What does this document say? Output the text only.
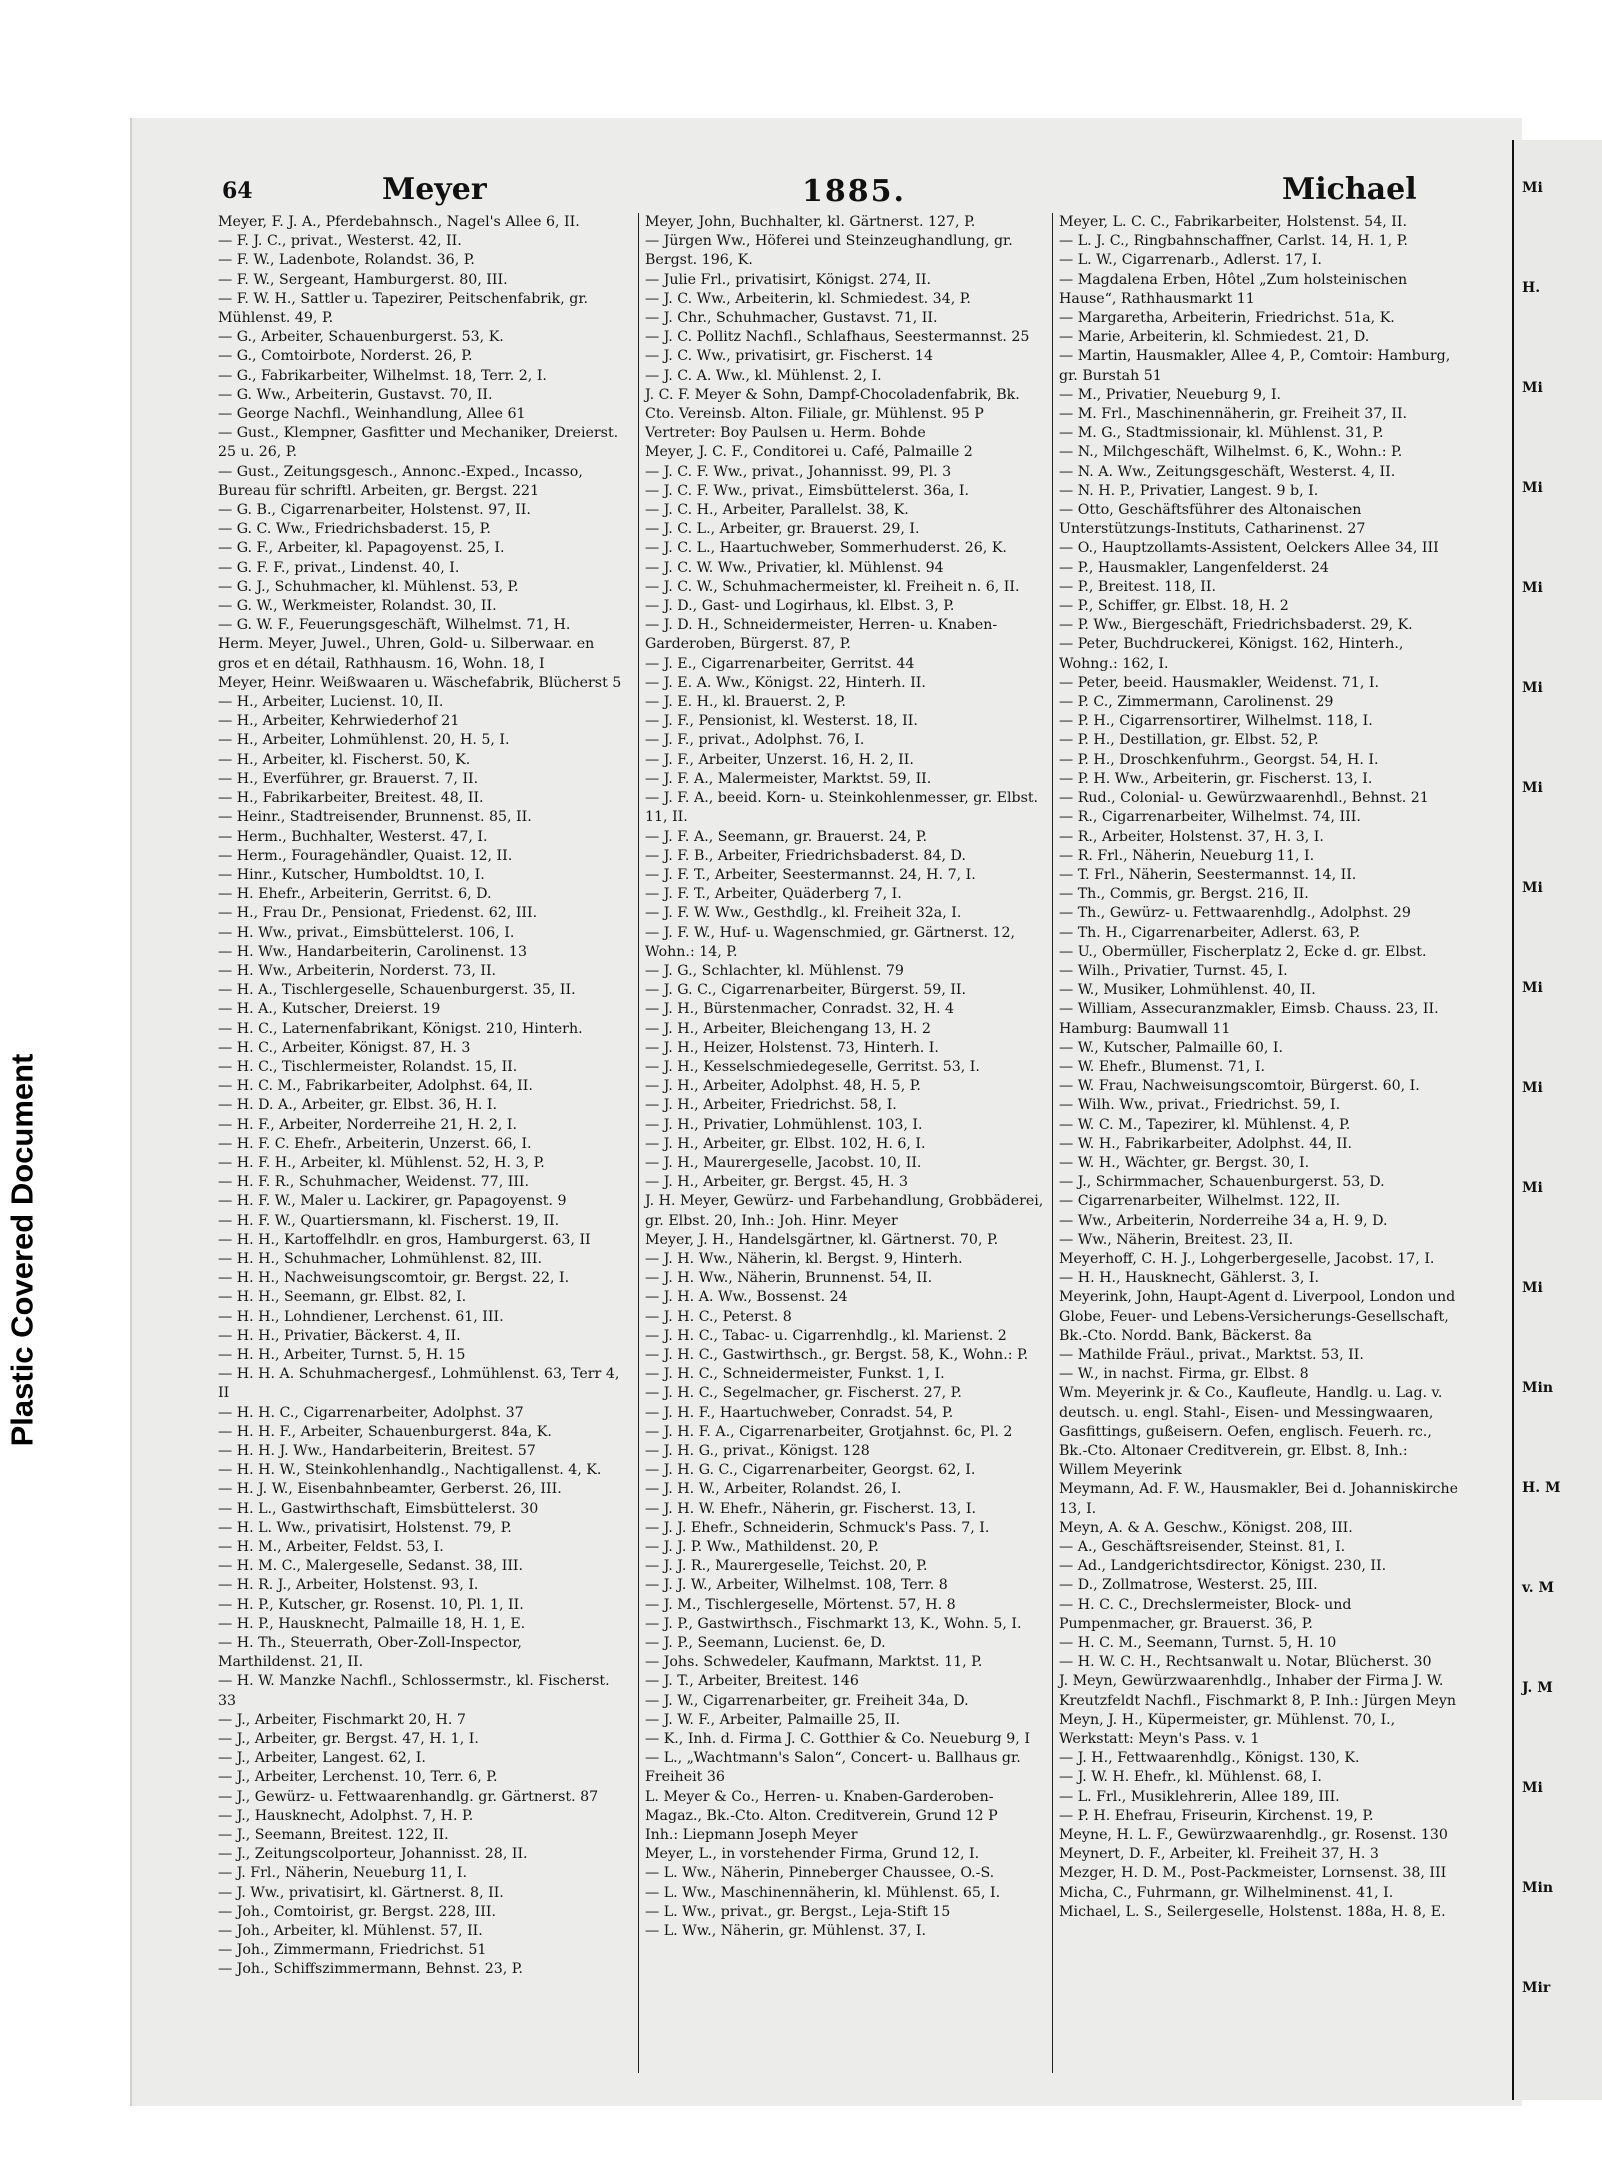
Plastic Covered Document
64	Meyer	1885.	Michael
Meyer, F. J. A., Pferdebahnsch., Nagel's Allee 6, II.
— F. J. C., privat., Westerst. 42, II.
— F. W., Ladenbote, Rolandst. 36, P.
— F. W., Sergeant, Hamburgerst. 80, III.
— F. W. H., Sattler u. Tapezirer, Peitschenfabrik, gr. Mühlenst. 49, P.
— G., Arbeiter, Schauenburgerst. 53, K.
— G., Comtoirbote, Norderst. 26, P.
— G., Fabrikarbeiter, Wilhelmst. 18, Terr. 2, I.
— G. Ww., Arbeiterin, Gustavst. 70, II.
— George Nachfl., Weinhandlung, Allee 61
— Gust., Klempner, Gasfitter und Mechaniker, Dreierst. 25 u. 26, P.
— Gust., Zeitungsgesch., Annonc.-Exped., Incasso, Bureau für schriftl. Arbeiten, gr. Bergst. 221
— G. B., Cigarrenarbeiter, Holstenst. 97, II.
— G. C. Ww., Friedrichsbaderst. 15, P.
— G. F., Arbeiter, kl. Papagoyenst. 25, I.
— G. F. F., privat., Lindenst. 40, I.
— G. J., Schuhmacher, kl. Mühlenst. 53, P.
— G. W., Werkmeister, Rolandst. 30, II.
— G. W. F., Feuerungsgeschäft, Wilhelmst. 71, H.
Herm. Meyer, Juwel., Uhren, Gold- u. Silberwaar. en gros et en détail, Rathhausm. 16, Wohn. 18, I
Meyer, Heinr. Weißwaaren u. Wäschefabrik, Blücherst 5
— H., Arbeiter, Lucienst. 10, II.
— H., Arbeiter, Kehrwiederhof 21
— H., Arbeiter, Lohmühlenst. 20, H. 5, I.
— H., Arbeiter, kl. Fischerst. 50, K.
— H., Everführer, gr. Brauerst. 7, II.
— H., Fabrikarbeiter, Breitest. 48, II.
— Heinr., Stadtreisender, Brunnenst. 85, II.
— Herm., Buchhalter, Westerst. 47, I.
— Herm., Fouragehändler, Quaist. 12, II.
— Hinr., Kutscher, Humboldtst. 10, I.
— H. Ehefr., Arbeiterin, Gerritst. 6, D.
— H., Frau Dr., Pensionat, Friedenst. 62, III.
— H. Ww., privat., Eimsbüttelerst. 106, I.
— H. Ww., Handarbeiterin, Carolinenst. 13
— H. Ww., Arbeiterin, Norderst. 73, II.
— H. A., Tischlergeselle, Schauenburgerst. 35, II.
— H. A., Kutscher, Dreierst. 19
— H. C., Laternenfabrikant, Königst. 210, Hinterh.
— H. C., Arbeiter, Königst. 87, H. 3
— H. C., Tischlermeister, Rolandst. 15, II.
— H. C. M., Fabrikarbeiter, Adolphst. 64, II.
— H. D. A., Arbeiter, gr. Elbst. 36, H. I.
— H. F., Arbeiter, Norderreihe 21, H. 2, I.
— H. F. C. Ehefr., Arbeiterin, Unzerst. 66, I.
— H. F. H., Arbeiter, kl. Mühlenst. 52, H. 3, P.
— H. F. R., Schuhmacher, Weidenst. 77, III.
— H. F. W., Maler u. Lackirer, gr. Papagoyenst. 9
— H. F. W., Quartiersmann, kl. Fischerst. 19, II.
— H. H., Kartoffelhdlr. en gros, Hamburgerst. 63, II
— H. H., Schuhmacher, Lohmühlenst. 82, III.
— H. H., Nachweisungscomtoir, gr. Bergst. 22, I.
— H. H., Seemann, gr. Elbst. 82, I.
— H. H., Lohndiener, Lerchenst. 61, III.
— H. H., Privatier, Bäckerst. 4, II.
— H. H., Arbeiter, Turnst. 5, H. 15
— H. H. A. Schuhmachergesf., Lohmühlenst. 63, Terr 4, II
— H. H. C., Cigarrenarbeiter, Adolphst. 37
— H. H. F., Arbeiter, Schauenburgerst. 84a, K.
— H. H. J. Ww., Handarbeiterin, Breitest. 57
— H. H. W., Steinkohlenhandlg., Nachtigallenst. 4, K.
— H. J. W., Eisenbahnbeamter, Gerberst. 26, III.
— H. L., Gastwirthschaft, Eimsbüttelerst. 30
— H. L. Ww., privatisirt, Holstenst. 79, P.
— H. M., Arbeiter, Feldst. 53, I.
— H. M. C., Malergeselle, Sedanst. 38, III.
— H. R. J., Arbeiter, Holstenst. 93, I.
— H. P., Kutscher, gr. Rosenst. 10, Pl. 1, II.
— H. P., Hausknecht, Palmaille 18, H. 1, E.
— H. Th., Steuerrath, Ober-Zoll-Inspector, Marthildenst. 21, II.
— H. W. Manzke Nachfl., Schlossermstr., kl. Fischerst. 33
— J., Arbeiter, Fischmarkt 20, H. 7
— J., Arbeiter, gr. Bergst. 47, H. 1, I.
— J., Arbeiter, Langest. 62, I.
— J., Arbeiter, Lerchenst. 10, Terr. 6, P.
— J., Gewürz- u. Fettwaarenhandlg. gr. Gärtnerst. 87
— J., Hausknecht, Adolphst. 7, H. P.
— J., Seemann, Breitest. 122, II.
— J., Zeitungscolporteur, Johannisst. 28, II.
— J. Frl., Näherin, Neueburg 11, I.
— J. Ww., privatisirt, kl. Gärtnerst. 8, II.
— Joh., Comtoirist, gr. Bergst. 228, III.
— Joh., Arbeiter, kl. Mühlenst. 57, II.
— Joh., Zimmermann, Friedrichst. 51
— Joh., Schiffszimmermann, Behnst. 23, P.
Meyer, John, Buchhalter, kl. Gärtnerst. 127, P.
— Jürgen Ww., Höferei und Steinzeughandlung, gr. Bergst. 196, K.
— Julie Frl., privatisirt, Königst. 274, II.
— J. C. Ww., Arbeiterin, kl. Schmiedest. 34, P.
— J. Chr., Schuhmacher, Gustavst. 71, II.
— J. C. Pollitz Nachfl., Schlafhaus, Seestermannst. 25
— J. C. Ww., privatisirt, gr. Fischerst. 14
— J. C. A. Ww., kl. Mühlenst. 2, I.
J. C. F. Meyer & Sohn, Dampf-Chocoladenfabrik, Bk. Cto. Vereinsb. Alton. Filiale, gr. Mühlenst. 95 P
Vertreter: Boy Paulsen u. Herm. Bohde
Meyer, J. C. F., Conditorei u. Café, Palmaille 2
— J. C. F. Ww., privat., Johannisst. 99, Pl. 3
— J. C. F. Ww., privat., Eimsbüttelerst. 36a, I.
— J. C. H., Arbeiter, Parallelst. 38, K.
— J. C. L., Arbeiter, gr. Brauerst. 29, I.
— J. C. L., Haartuchweber, Sommerhuderst. 26, K.
— J. C. W. Ww., Privatier, kl. Mühlenst. 94
— J. C. W., Schuhmachermeister, kl. Freiheit n. 6, II.
— J. D., Gast- und Logirhaus, kl. Elbst. 3, P.
— J. D. H., Schneidermeister, Herren- u. Knaben-Garderoben, Bürgerst. 87, P.
— J. E., Cigarrenarbeiter, Gerritst. 44
— J. E. A. Ww., Königst. 22, Hinterh. II.
— J. E. H., kl. Brauerst. 2, P.
— J. F., Pensionist, kl. Westerst. 18, II.
— J. F., privat., Adolphst. 76, I.
— J. F., Arbeiter, Unzerst. 16, H. 2, II.
— J. F. A., Malermeister, Marktst. 59, II.
— J. F. A., beeid. Korn- u. Steinkohlenmesser, gr. Elbst. 11, II.
— J. F. A., Seemann, gr. Brauerst. 24, P.
— J. F. B., Arbeiter, Friedrichsbaderst. 84, D.
— J. F. T., Arbeiter, Seestermannst. 24, H. 7, I.
— J. F. T., Arbeiter, Quäderberg 7, I.
— J. F. W. Ww., Gesthdlg., kl. Freiheit 32a, I.
— J. F. W., Huf- u. Wagenschmied, gr. Gärtnerst. 12, Wohn.: 14, P.
— J. G., Schlachter, kl. Mühlenst. 79
— J. G. C., Cigarrenarbeiter, Bürgerst. 59, II.
— J. H., Bürstenmacher, Conradst. 32, H. 4
— J. H., Arbeiter, Bleichengang 13, H. 2
— J. H., Heizer, Holstenst. 73, Hinterh. I.
— J. H., Kesselschmiedegeselle, Gerritst. 53, I.
— J. H., Arbeiter, Adolphst. 48, H. 5, P.
— J. H., Arbeiter, Friedrichst. 58, I.
— J. H., Privatier, Lohmühlenst. 103, I.
— J. H., Arbeiter, gr. Elbst. 102, H. 6, I.
— J. H., Maurergeselle, Jacobst. 10, II.
— J. H., Arbeiter, gr. Bergst. 45, H. 3
J. H. Meyer, Gewürz- und Farbehandlung, Grobbäderei, gr. Elbst. 20, Inh.: Joh. Hinr. Meyer
Meyer, J. H., Handelsgärtner, kl. Gärtnerst. 70, P.
— J. H. Ww., Näherin, kl. Bergst. 9, Hinterh.
— J. H. Ww., Näherin, Brunnenst. 54, II.
— J. H. A. Ww., Bossenst. 24
— J. H. C., Peterst. 8
— J. H. C., Tabac- u. Cigarrenhdlg., kl. Marienst. 2
— J. H. C., Gastwirthsch., gr. Bergst. 58, K., Wohn.: P.
— J. H. C., Schneidermeister, Funkst. 1, I.
— J. H. C., Segelmacher, gr. Fischerst. 27, P.
— J. H. F., Haartuchweber, Conradst. 54, P.
— J. H. F. A., Cigarrenarbeiter, Grotjahnst. 6c, Pl. 2
— J. H. G., privat., Königst. 128
— J. H. G. C., Cigarrenarbeiter, Georgst. 62, I.
— J. H. W., Arbeiter, Rolandst. 26, I.
— J. H. W. Ehefr., Näherin, gr. Fischerst. 13, I.
— J. J. Ehefr., Schneiderin, Schmuck's Pass. 7, I.
— J. J. P. Ww., Mathildenst. 20, P.
— J. J. R., Maurergeselle, Teichst. 20, P.
— J. J. W., Arbeiter, Wilhelmst. 108, Terr. 8
— J. M., Tischlergeselle, Mörtenst. 57, H. 8
— J. P., Gastwirthsch., Fischmarkt 13, K., Wohn. 5, I.
— J. P., Seemann, Lucienst. 6e, D.
— Johs. Schwedeler, Kaufmann, Marktst. 11, P.
— J. T., Arbeiter, Breitest. 146
— J. W., Cigarrenarbeiter, gr. Freiheit 34a, D.
— J. W. F., Arbeiter, Palmaille 25, II.
— K., Inh. d. Firma J. C. Gotthier & Co. Neueburg 9, I
— L., „Wachtmann's Salon“, Concert- u. Ballhaus gr. Freiheit 36
L. Meyer & Co., Herren- u. Knaben-Garderoben-Magaz., Bk.-Cto. Alton. Creditverein, Grund 12 P
Inh.: Liepmann Joseph Meyer
Meyer, L., in vorstehender Firma, Grund 12, I.
— L. Ww., Näherin, Pinneberger Chaussee, O.-S.
— L. Ww., Maschinennäherin, kl. Mühlenst. 65, I.
— L. Ww., privat., gr. Bergst., Leja-Stift 15
— L. Ww., Näherin, gr. Mühlenst. 37, I.
Meyer, L. C. C., Fabrikarbeiter, Holstenst. 54, II.
— L. J. C., Ringbahnschaffner, Carlst. 14, H. 1, P.
— L. W., Cigarrenarb., Adlerst. 17, I.
— Magdalena Erben, Hôtel „Zum holsteinischen Hause“, Rathhausmarkt 11
— Margaretha, Arbeiterin, Friedrichst. 51a, K.
— Marie, Arbeiterin, kl. Schmiedest. 21, D.
— Martin, Hausmakler, Allee 4, P., Comtoir: Hamburg, gr. Burstah 51
— M., Privatier, Neueburg 9, I.
— M. Frl., Maschinennäherin, gr. Freiheit 37, II.
— M. G., Stadtmissionair, kl. Mühlenst. 31, P.
— N., Milchgeschäft, Wilhelmst. 6, K., Wohn.: P.
— N. A. Ww., Zeitungsgeschäft, Westerst. 4, II.
— N. H. P., Privatier, Langest. 9 b, I.
— Otto, Geschäftsführer des Altonaischen Unterstützungs-Instituts, Catharinenst. 27
— O., Hauptzollamts-Assistent, Oelckers Allee 34, III
— P., Hausmakler, Langenfelderst. 24
— P., Breitest. 118, II.
— P., Schiffer, gr. Elbst. 18, H. 2
— P. Ww., Biergeschäft, Friedrichsbaderst. 29, K.
— Peter, Buchdruckerei, Königst. 162, Hinterh., Wohng.: 162, I.
— Peter, beeid. Hausmakler, Weidenst. 71, I.
— P. C., Zimmermann, Carolinenst. 29
— P. H., Cigarrensortirer, Wilhelmst. 118, I.
— P. H., Destillation, gr. Elbst. 52, P.
— P. H., Droschkenfuhrm., Georgst. 54, H. I.
— P. H. Ww., Arbeiterin, gr. Fischerst. 13, I.
— Rud., Colonial- u. Gewürzwaarenhdl., Behnst. 21
— R., Cigarrenarbeiter, Wilhelmst. 74, III.
— R., Arbeiter, Holstenst. 37, H. 3, I.
— R. Frl., Näherin, Neueburg 11, I.
— T. Frl., Näherin, Seestermannst. 14, II.
— Th., Commis, gr. Bergst. 216, II.
— Th., Gewürz- u. Fettwaarenhdlg., Adolphst. 29
— Th. H., Cigarrenarbeiter, Adlerst. 63, P.
— U., Obermüller, Fischerplatz 2, Ecke d. gr. Elbst.
— Wilh., Privatier, Turnst. 45, I.
— W., Musiker, Lohmühlenst. 40, II.
— William, Assecuranzmakler, Eimsb. Chauss. 23, II. Hamburg: Baumwall 11
— W., Kutscher, Palmaille 60, I.
— W. Ehefr., Blumenst. 71, I.
— W. Frau, Nachweisungscomtoir, Bürgerst. 60, I.
— Wilh. Ww., privat., Friedrichst. 59, I.
— W. C. M., Tapezirer, kl. Mühlenst. 4, P.
— W. H., Fabrikarbeiter, Adolphst. 44, II.
— W. H., Wächter, gr. Bergst. 30, I.
— J., Schirmmacher, Schauenburgerst. 53, D.
— Cigarrenarbeiter, Wilhelmst. 122, II.
— Ww., Arbeiterin, Norderreihe 34 a, H. 9, D.
— Ww., Näherin, Breitest. 23, II.
Meyerhoff, C. H. J., Lohgerbergeselle, Jacobst. 17, I.
— H. H., Hausknecht, Gählerst. 3, I.
Meyerink, John, Haupt-Agent d. Liverpool, London und Globe, Feuer- und Lebens-Versicherungs-Gesellschaft, Bk.-Cto. Nordd. Bank, Bäckerst. 8a
— Mathilde Fräul., privat., Marktst. 53, II.
— W., in nachst. Firma, gr. Elbst. 8
Wm. Meyerink jr. & Co., Kaufleute, Handlg. u. Lag. v. deutsch. u. engl. Stahl-, Eisen- und Messingwaaren, Gasfittings, gußeisern. Oefen, englisch. Feuerh. rc., Bk.-Cto. Altonaer Creditverein, gr. Elbst. 8, Inh.: Willem Meyerink
Meymann, Ad. F. W., Hausmakler, Bei d. Johanniskirche 13, I.
Meyn, A. & A. Geschw., Königst. 208, III.
— A., Geschäftsreisender, Steinst. 81, I.
— Ad., Landgerichtsdirector, Königst. 230, II.
— D., Zollmatrose, Westerst. 25, III.
— H. C. C., Drechslermeister, Block- und Pumpenmacher, gr. Brauerst. 36, P.
— H. C. M., Seemann, Turnst. 5, H. 10
— H. W. C. H., Rechtsanwalt u. Notar, Blücherst. 30
J. Meyn, Gewürzwaarenhdlg., Inhaber der Firma J. W. Kreutzfeldt Nachfl., Fischmarkt 8, P. Inh.: Jürgen Meyn
Meyn, J. H., Küpermeister, gr. Mühlenst. 70, I., Werkstatt: Meyn's Pass. v. 1
— J. H., Fettwaarenhdlg., Königst. 130, K.
— J. W. H. Ehefr., kl. Mühlenst. 68, I.
— L. Frl., Musiklehrerin, Allee 189, III.
— P. H. Ehefrau, Friseurin, Kirchenst. 19, P.
Meyne, H. L. F., Gewürzwaarenhdlg., gr. Rosenst. 130
Meynert, D. F., Arbeiter, kl. Freiheit 37, H. 3
Mezger, H. D. M., Post-Packmeister, Lornsenst. 38, III
Micha, C., Fuhrmann, gr. Wilhelminenst. 41, I.
Michael, L. S., Seilergeselle, Holstenst. 188a, H. 8, E.
Mi
H.
Mi
Mi
Mi
Mi
Mi
Mi
Mi
Mi
Mi
Mi
Min
H. M
v. M
J. M
Mi
Min
Mir
